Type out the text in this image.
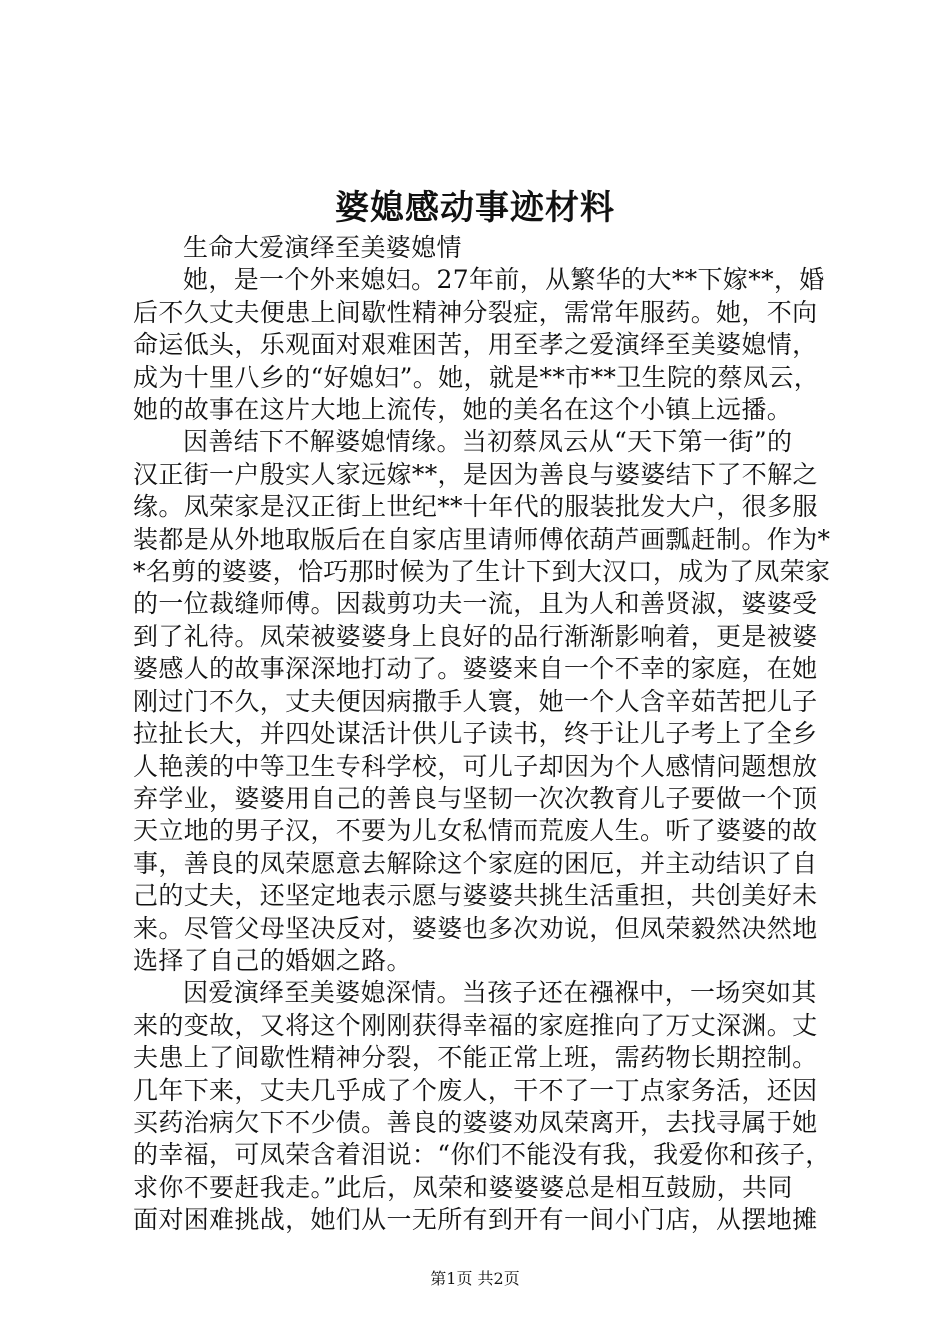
婆媳感动事迹材料
生命大爱演绎至美婆媳情
她，是一个外来媳妇。27年前，从繁华的大**下嫁**，婚
后不久丈夫便患上间歇性精神分裂症，需常年服药。她，不向
命运低头，乐观面对艰难困苦，用至孝之爱演绎至美婆媳情，
成为十里八乡的“好媳妇”。她，就是**市**卫生院的蔡凤云，
她的故事在这片大地上流传，她的美名在这个小镇上远播。
因善结下不解婆媳情缘。当初蔡凤云从“天下第一街”的
汉正街一户殷实人家远嫁**，是因为善良与婆婆结下了不解之
缘。凤荣家是汉正街上世纪**十年代的服装批发大户，很多服
装都是从外地取版后在自家店里请师傅依葫芦画瓢赶制。作为*
*名剪的婆婆，恰巧那时候为了生计下到大汉口，成为了凤荣家
的一位裁缝师傅。因裁剪功夫一流，且为人和善贤淑，婆婆受
到了礼待。凤荣被婆婆身上良好的品行渐渐影响着，更是被婆
婆感人的故事深深地打动了。婆婆来自一个不幸的家庭，在她
刚过门不久，丈夫便因病撒手人寰，她一个人含辛茹苦把儿子
拉扯长大，并四处谋活计供儿子读书，终于让儿子考上了全乡
人艳羡的中等卫生专科学校，可儿子却因为个人感情问题想放
弃学业，婆婆用自己的善良与坚韧一次次教育儿子要做一个顶
天立地的男子汉，不要为儿女私情而荒废人生。听了婆婆的故
事，善良的凤荣愿意去解除这个家庭的困厄，并主动结识了自
己的丈夫，还坚定地表示愿与婆婆共挑生活重担，共创美好未
来。尽管父母坚决反对，婆婆也多次劝说，但凤荣毅然决然地
选择了自己的婚姻之路。
因爱演绎至美婆媳深情。当孩子还在襁褓中，一场突如其
来的变故，又将这个刚刚获得幸福的家庭推向了万丈深渊。丈
夫患上了间歇性精神分裂，不能正常上班，需药物长期控制。
几年下来，丈夫几乎成了个废人，干不了一丁点家务活，还因
买药治病欠下不少债。善良的婆婆劝凤荣离开，去找寻属于她
的幸福，可凤荣含着泪说：“你们不能没有我，我爱你和孩子，
求你不要赶我走。”此后，凤荣和婆婆婆总是相互鼓励，共同
面对困难挑战，她们从一无所有到开有一间小门店，从摆地摊
第1页 共2页
